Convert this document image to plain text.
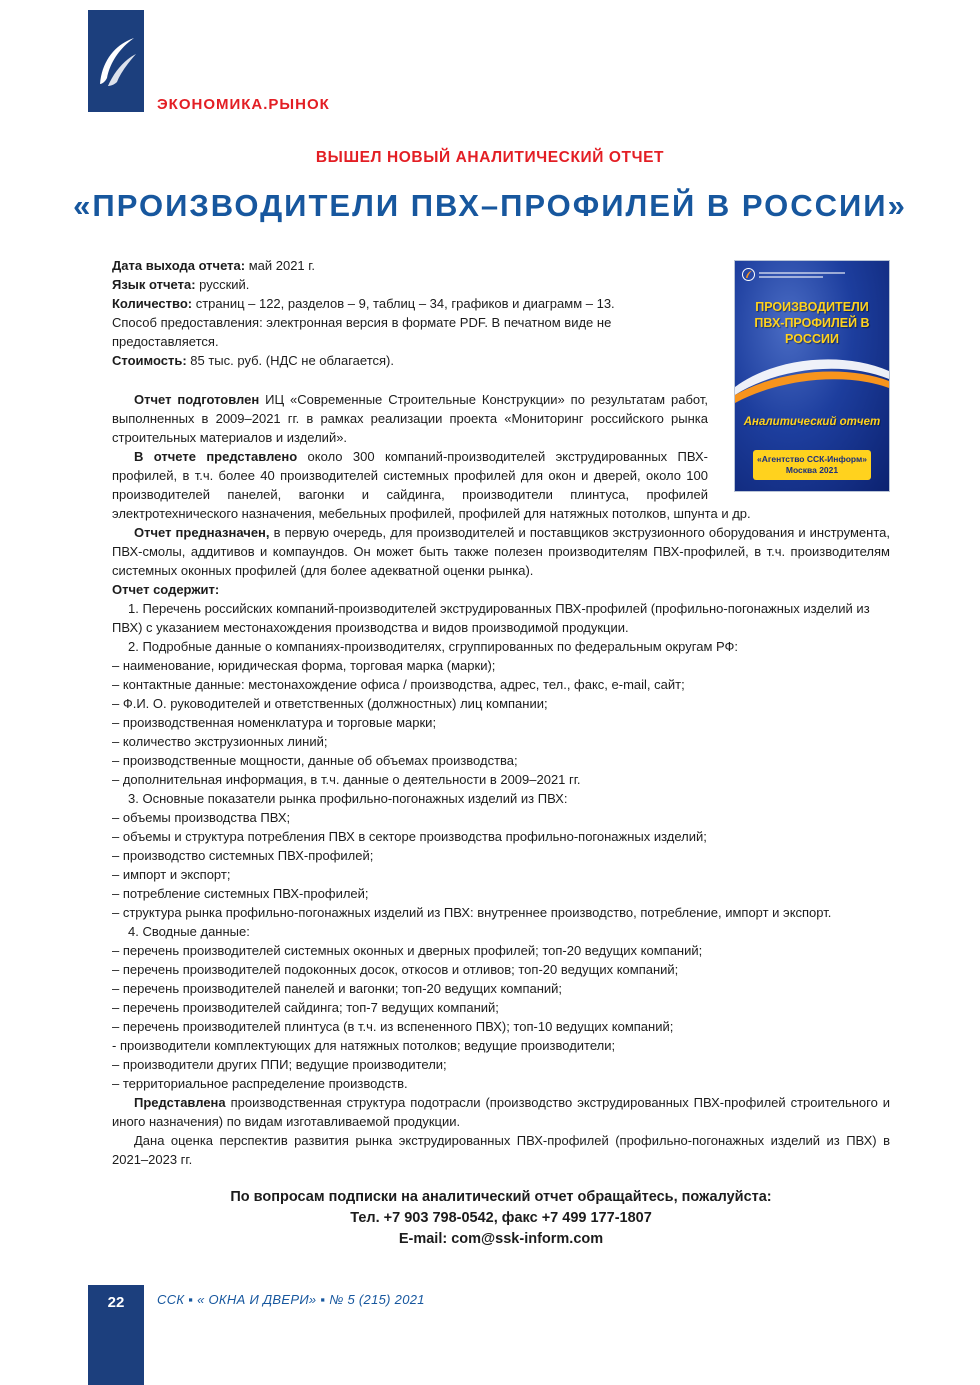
ЭКОНОМИКА.РЫНОК
ВЫШЕЛ НОВЫЙ АНАЛИТИЧЕСКИЙ ОТЧЕТ
«ПРОИЗВОДИТЕЛИ ПВХ–ПРОФИЛЕЙ В РОССИИ»
ПРОИЗВОДИТЕЛИ
ПВХ-ПРОФИЛЕЙ В РОССИИ
Аналитический отчет
«Агентство ССК-Информ»
Москва 2021

Дата выхода отчета: май 2021 г.

Язык отчета: русский.

Количество: страниц – 122, разделов – 9, таблиц – 34, графиков и диаграмм – 13.

Способ предоставления: электронная версия в формате PDF. В печатном виде не предоставляется.

Стоимость: 85 тыс. руб. (НДС не облагается).

Отчет подготовлен ИЦ «Современные Строительные Конструкции» по результатам работ, выполненных в 2009–2021 гг. в рамках реализации проекта «Мониторинг российского рынка строительных материалов и изделий».

В отчете представлено около 300 компаний-производителей экструдированных ПВХ-профилей, в т.ч. более 40 производителей системных профилей для окон и дверей, около 100 производителей панелей, вагонки и сайдинга, производители плинтуса, профилей электротехнического назначения, мебельных профилей, профилей для натяжных потолков, шпунта и др.

Отчет предназначен, в первую очередь, для производителей и поставщиков экструзионного оборудования и инструмента, ПВХ-смолы, аддитивов и компаундов. Он может быть также полезен производителям ПВХ-профилей, в т.ч. производителям системных оконных профилей (для более адекватной оценки рынка).

Отчет содержит:

1. Перечень российских компаний-производителей экструдированных ПВХ-профилей (профильно-погонажных изделий из ПВХ) с указанием местонахождения производства и видов производимой продукции.

2. Подробные данные о компаниях-производителях, сгруппированных по федеральным округам РФ:

– наименование, юридическая форма, торговая марка (марки);

– контактные данные: местонахождение офиса / производства, адрес, тел., факс, e-mail, сайт;

– Ф.И. О. руководителей и ответственных (должностных) лиц компании;

– производственная номенклатура и торговые марки;

– количество экструзионных линий;

– производственные мощности, данные об объемах производства;

– дополнительная информация, в т.ч. данные о деятельности в 2009–2021 гг.

3. Основные показатели рынка профильно-погонажных изделий из ПВХ:

– объемы производства ПВХ;

– объемы и структура потребления ПВХ в секторе производства профильно-погонажных изделий;

– производство системных ПВХ-профилей;

– импорт и экспорт;

– потребление системных ПВХ-профилей;

– структура рынка профильно-погонажных изделий из ПВХ: внутреннее производство, потребление, импорт и экспорт.

4. Сводные данные:

– перечень производителей системных оконных и дверных профилей; топ-20 ведущих компаний;

– перечень производителей подоконных досок, откосов и отливов; топ-20 ведущих компаний;

– перечень производителей панелей и вагонки; топ-20 ведущих компаний;

– перечень производителей сайдинга; топ-7 ведущих компаний;

– перечень производителей плинтуса (в т.ч. из вспененного ПВХ); топ-10 ведущих компаний;

- производители комплектующих для натяжных потолков; ведущие производители;

– производители других ППИ; ведущие производители;

– территориальное распределение производств.

Представлена производственная структура подотрасли (производство экструдированных ПВХ-профилей строительного и иного назначения) по видам изготавливаемой продукции.

Дана оценка перспектив развития рынка экструдированных ПВХ-профилей (профильно-погонажных изделий из ПВХ) в 2021–2023 гг.

По вопросам подписки на аналитический отчет обращайтесь, пожалуйста:
Тел. +7 903 798-0542, факс +7 499 177-1807
E-mail: com@ssk-inform.com
22	ССК ▪ « ОКНА И ДВЕРИ» ▪ № 5 (215) 2021
